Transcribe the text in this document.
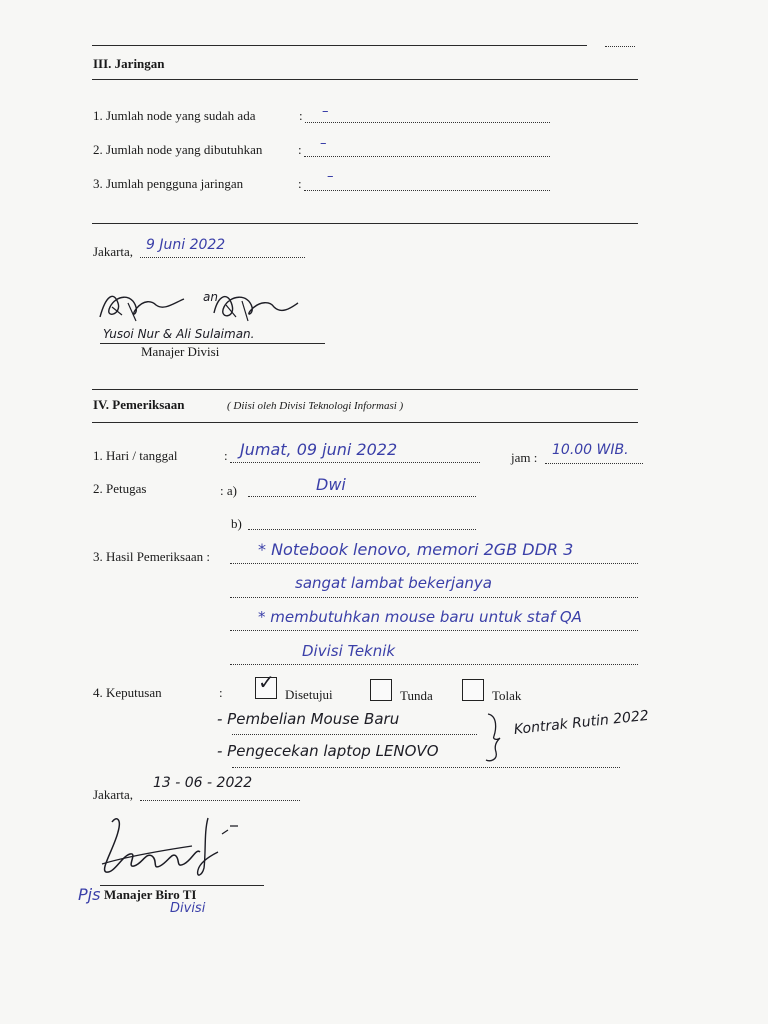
III. Jaringan
1. Jumlah node yang sudah ada	: –
2. Jumlah node yang dibutuhkan	: –
3. Jumlah pengguna jaringan	: –
Jakarta, 9 Juni 2022
an
Yusoi Nur & Ali Sulaiman.
Manajer Divisi
IV. Pemeriksaan	( Diisi oleh Divisi Teknologi Informasi )
1. Hari / tanggal	: Jumat, 09 juni 2022	jam : 10.00 WIB.
2. Petugas	: a)	Dwi
b)
3. Hasil Pemeriksaan :	* Notebook lenovo, memori 2GB DDR 3
sangat lambat bekerjanya
* membutuhkan mouse baru untuk staf QA
Divisi Teknik
4. Keputusan	: ✓
Disetujui	Tunda	Tolak
- Pembelian Mouse Baru
- Pengecekan laptop LENOVO
Kontrak Rutin 2022
Jakarta,
13 - 06 - 2022
Pjs Manajer Biro TI
Divisi
